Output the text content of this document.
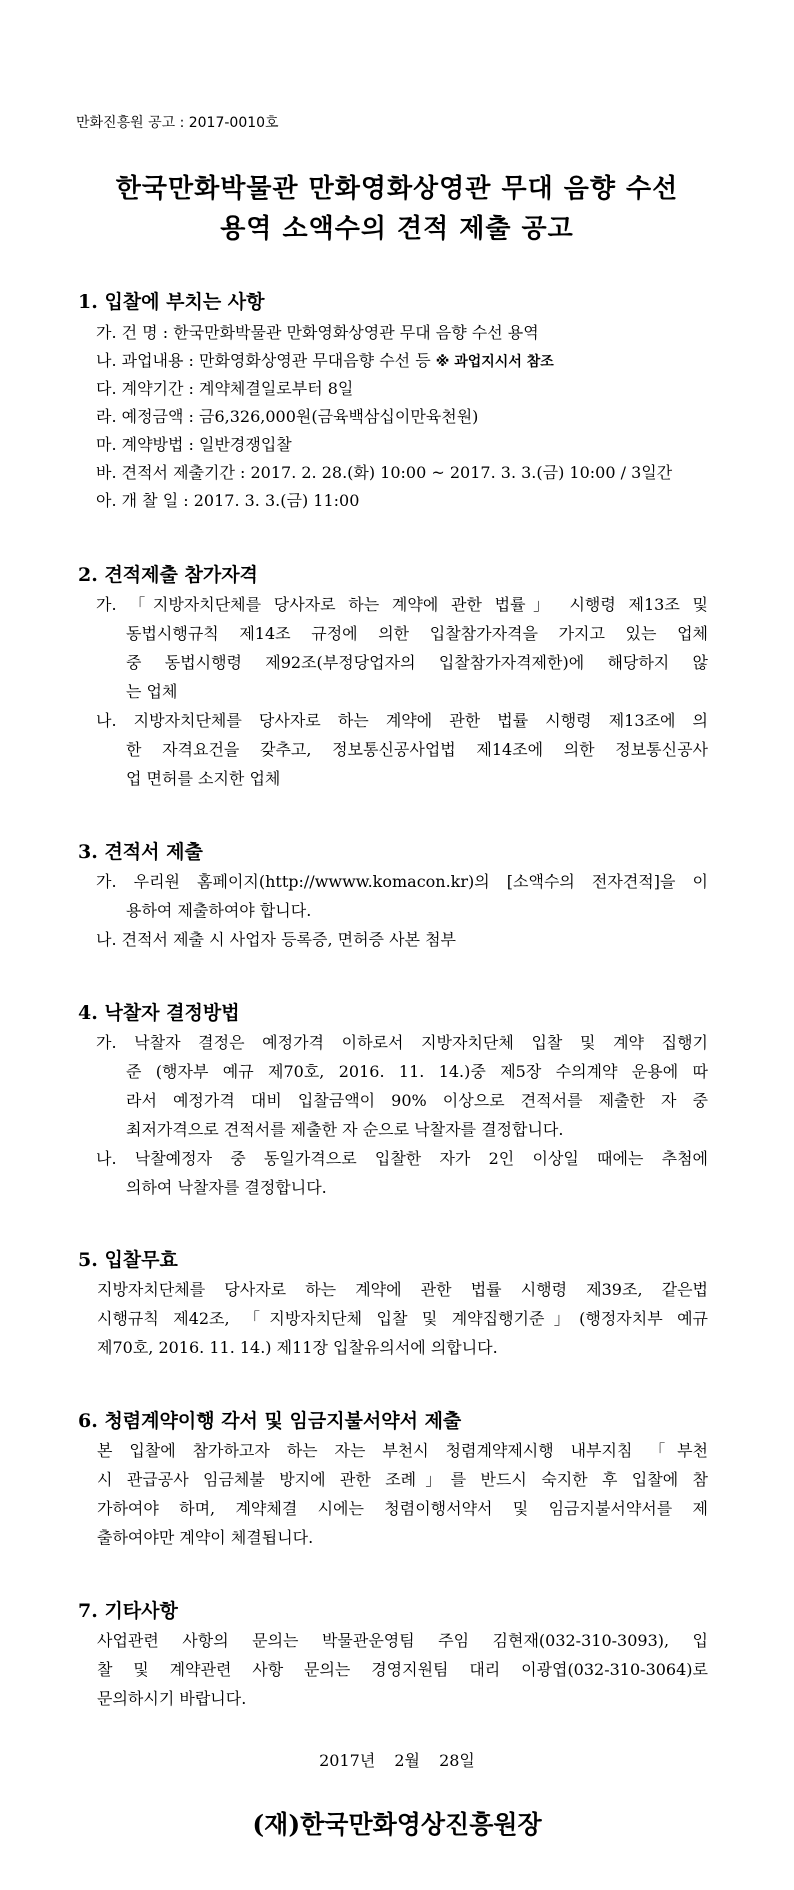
만화진흥원 공고 : 2017-0010호
한국만화박물관 만화영화상영관 무대 음향 수선
용역 소액수의 견적 제출 공고
1. 입찰에 부치는 사항
가. 건 명 : 한국만화박물관 만화영화상영관 무대 음향 수선 용역
나. 과업내용 : 만화영화상영관 무대음향 수선 등 ※ 과업지시서 참조
다. 계약기간 : 계약체결일로부터 8일
라. 예정금액 : 금6,326,000원(금육백삼십이만육천원)
마. 계약방법 : 일반경쟁입찰
바. 견적서 제출기간 : 2017. 2. 28.(화) 10:00 ~ 2017. 3. 3.(금) 10:00 / 3일간
아. 개 찰 일 : 2017. 3. 3.(금) 11:00
2. 견적제출 참가자격
가. 「지방자치단체를 당사자로 하는 계약에 관한 법률」 시행령 제13조 및
동법시행규칙 제14조 규정에 의한 입찰참가자격을 가지고 있는 업체
중 동법시행령 제92조(부정당업자의 입찰참가자격제한)에 해당하지 않
는 업체
나. 지방자치단체를 당사자로 하는 계약에 관한 법률 시행령 제13조에 의
한 자격요건을 갖추고, 정보통신공사업법 제14조에 의한 정보통신공사
업 면허를 소지한 업체
3. 견적서 제출
가. 우리원 홈페이지(http://wwww.komacon.kr)의 [소액수의 전자견적]을 이
용하여 제출하여야 합니다.
나. 견적서 제출 시 사업자 등록증, 면허증 사본 첨부
4. 낙찰자 결정방법
가. 낙찰자 결정은 예정가격 이하로서 지방자치단체 입찰 및 계약 집행기
준 (행자부 예규 제70호, 2016. 11. 14.)중 제5장 수의계약 운용에 따
라서 예정가격 대비 입찰금액이 90% 이상으로 견적서를 제출한 자 중
최저가격으로 견적서를 제출한 자 순으로 낙찰자를 결정합니다.
나. 낙찰예정자 중 동일가격으로 입찰한 자가 2인 이상일 때에는 추첨에
의하여 낙찰자를 결정합니다.
5. 입찰무효
지방자치단체를 당사자로 하는 계약에 관한 법률 시행령 제39조, 같은법
시행규칙 제42조, 「지방자치단체 입찰 및 계약집행기준」(행정자치부 예규
제70호, 2016. 11. 14.) 제11장 입찰유의서에 의합니다.
6. 청렴계약이행 각서 및 임금지불서약서 제출
본 입찰에 참가하고자 하는 자는 부천시 청렴계약제시행 내부지침 「부천
시 관급공사 임금체불 방지에 관한 조례」를 반드시 숙지한 후 입찰에 참
가하여야 하며, 계약체결 시에는 청렴이행서약서 및 임금지불서약서를 제
출하여야만 계약이 체결됩니다.
7. 기타사항
사업관련 사항의 문의는 박물관운영팀 주임 김현재(032-310-3093), 입
찰 및 계약관련 사항 문의는 경영지원팀 대리 이광엽(032-310-3064)로
문의하시기 바랍니다.
2017년 2월 28일
(재)한국만화영상진흥원장
